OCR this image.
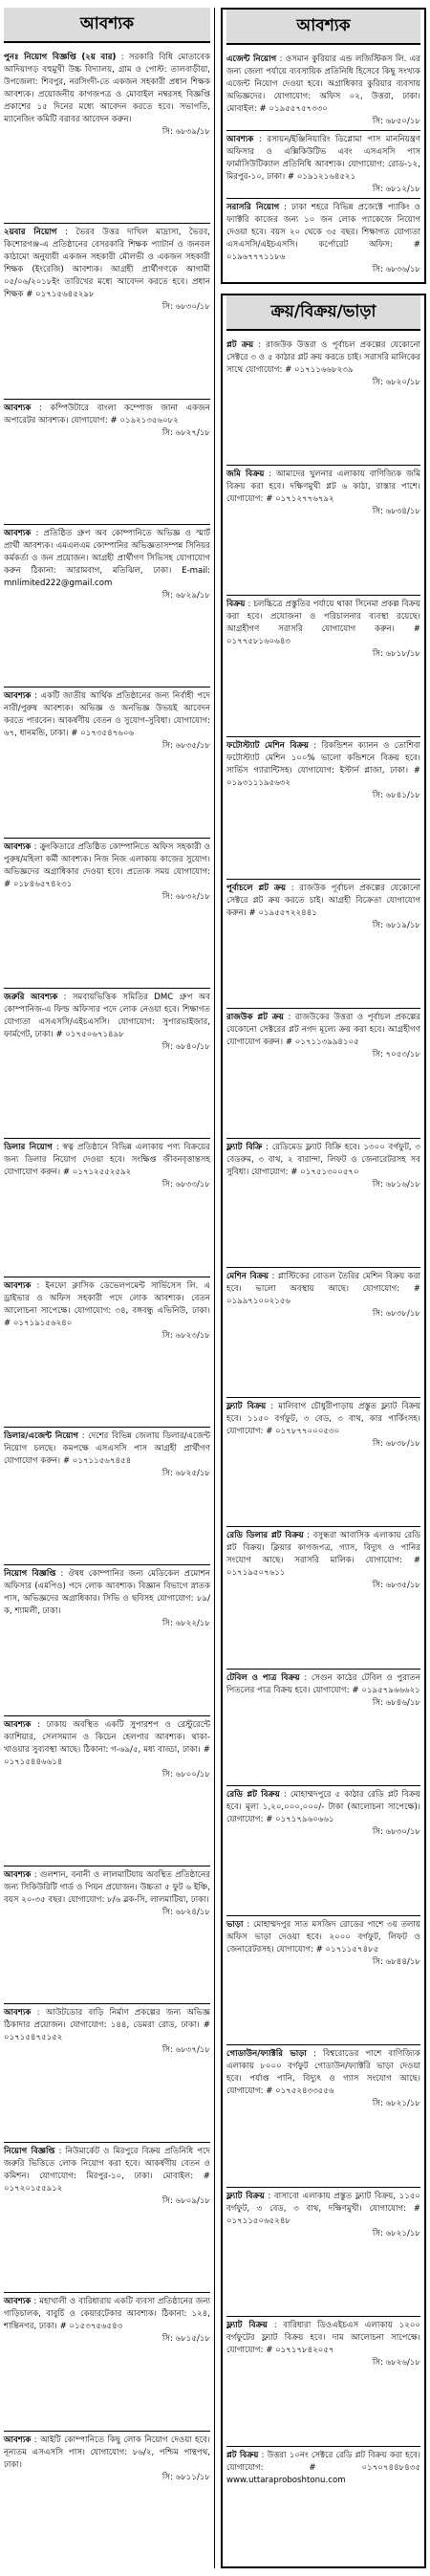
আবশ্যক
পুনঃ নিয়োগ বিজ্ঞপ্তি (২য় বার) : সরকারি বিধি মোতাবেক আদিয়াগড় বহুমুখী উচ্চ বিদ্যালয়, গ্রাম ও পোস্ট: তালবাড়ীয়া, উপজেলা: শিবপুর, নরসিংদী-তে একজন সহকারী প্রধান শিক্ষক আবশ্যক। প্রয়োজনীয় কাগজপত্র ও মোবাইল নম্বরসহ বিজ্ঞপ্তি প্রকাশের ১৫ দিনের মধ্যে আবেদন করতে হবে। সভাপতি, ম্যানেজিং কমিটি বরাবর আবেদন করুন।
সি: ৬৮৩৯/১৮
২য়বার নিয়োগ : ভৈরব উত্তর দাখিল মাদ্রাসা, ভৈরব, কিশোরগঞ্জ-এ প্রতিষ্ঠানের বেসরকারি শিক্ষক প্যাটার্ন ও জনবল কাঠামো অনুযায়ী একজন সহকারী মৌলভী ও একজন সহকারী শিক্ষক (ইংরেজি) আবশ্যক। আগ্রহী প্রার্থীগণকে আগামী ০৫/০৬/২০১৮ইং তারিখের মধ্যে আবেদন করতে হবে। প্রধান শিক্ষক # ০১৭১৫৬৪৫২৯৮
সি: ৬৮৩০/১৮
আবশ্যক : কম্পিউটারে বাংলা কম্পোজ জানা একজন অপারেটর আবশ্যক। যোগাযোগ: # ০১৯২১৩৫৬০৮২
সি: ৬৮২৭/১৮
আবশ্যক : প্রতিষ্ঠিত গ্রুপ অব কোম্পানিতে অভিজ্ঞ ও স্মার্ট প্রার্থী আবশ্যক। এমএলএম কোম্পানির অভিজ্ঞতাসম্পন্ন সিনিয়র কর্মকর্তা ও জন প্রয়োজন। আগ্রহী প্রার্থীগণ সিভিসহ যোগাযোগ করুন ঠিকানা: আরামবাগ, মতিঝিল, ঢাকা। E-mail: mnlimited222@gmail.com
সি: ৬৮২৯/১৮
আবশ্যক : একটি জাতীয় আর্থিক প্রতিষ্ঠানের জন্য নির্বাহী পদে নারী/পুরুষ আবশ্যক। অভিজ্ঞ ও অনভিজ্ঞ উভয়ই আবেদন করতে পারবেন। আকর্ষণীয় বেতন ও সুযোগ-সুবিধা। যোগাযোগ: ৬৭, ধানমন্ডি, ঢাকা। # ০১৭৩৫৪৭৬০৬
সি: ৬৮৩৫/১৮
আবশ্যক : ক্রুংকিতারে প্রতিষ্ঠিত কোম্পানিতে অফিস সহকারী ও পুরুষ/মহিলা কর্মী আবশ্যক। নিজ নিজ এলাকায় কাজের সুযোগ। অভিজ্ঞদের অগ্রাধিকার দেওয়া হবে। প্রত্যেক সময় যোগাযোগ: # ০১৮৪৬৫৭৪২৩১
সি: ৬৮৩২/১৮
জরুরি আবশ্যক : সমবায়ভিত্তিক সমিতির DMC গ্রুপ অব কোম্পানিজ-এ ফিল্ড অফিসার পদে লোক নেওয়া হবে। শিক্ষাগত যোগ্যতা এসএসসি/এইচএসসি। যোগাযোগ: সুপারভাইজার, ফার্মগেট, ঢাকা। # ০১৭৫০৬৭১৪৯৮
সি: ৬৮৪০/১৮
ডিলার নিয়োগ : স্বত্ব প্রতিষ্ঠানে বিভিন্ন এলাকায় পণ্য বিক্রয়ের জন্য ডিলার নিয়োগ দেওয়া হবে। সংক্ষিপ্ত জীবনবৃত্তান্তসহ যোগাযোগ করুন। # ০১৭১২৫৫২৫৯২
সি: ৬৮৩৩/১৮
আবশ্যক : ইনফো ক্লাসিক ডেভেলপমেন্ট সার্ভিসেস লি. এ ড্রাইভার ও অফিস সহকারী পদে লোক আবশ্যক। বেতন আলোচনা সাপেক্ষে। যোগাযোগ: ৩৪, বঙ্গবন্ধু এভিনিউ, ঢাকা। # ০১৭১৯১৫৬২৪০
সি: ৬৮২৩/১৮
ডিলার/এজেন্ট নিয়োগ : দেশের বিভিন্ন জেলায় ডিলার/এজেন্ট নিয়োগ চলছে। কমপক্ষে এসএসসি পাস আগ্রহী প্রার্থীগণ যোগাযোগ করুন। # ০১৭১১৫৬৭৪৫৪
সি: ৬৮২৫/১৮
নিয়োগ বিজ্ঞপ্তি : ঔষধ কোম্পানির জন্য মেডিকেল প্রমোশন অফিসার (এমপিও) পদে লোক আবশ্যক। বিজ্ঞান বিভাগে স্নাতক পাস, অভিজ্ঞদের অগ্রাধিকার। সিভি ও ছবিসহ যোগাযোগ: ৮৯/ক, শ্যামলী, ঢাকা।
সি: ৬৮২২/১৮
আবশ্যক : ঢাকায় অবস্থিত একটি সুপারশপ ও রেস্টুরেন্টে ক্যাশিয়ার, সেলসম্যান ও কিচেন হেলপার আবশ্যক। থাকা-খাওয়ার সুব্যবস্থা আছে। ঠিকানা: গ-৬৯/৫, মধ্য বাড্ডা, ঢাকা। # ০১৭১৫৪৪৬৬১৪
সি: ৬৮০০/১৮
আবশ্যক : গুলশান, বনানী ও লালমাটিয়ায় অবস্থিত প্রতিষ্ঠানের জন্য সিকিউরিটি গার্ড ও পিয়ন প্রয়োজন। উচ্চতা ৫ ফুট ৬ ইঞ্চি, বয়স ২০-৩৫ বছর। যোগাযোগ: ৮/৬ ব্লক-সি, লালমাটিয়া, ঢাকা।
সি: ৬৮২৪/১৮
আবশ্যক : আউটডোর বাড়ি নির্মাণ প্রকল্পের জন্য অভিজ্ঞ ঠিকাদার প্রয়োজন। যোগাযোগ: ১৪৪, ডেমরা রোড, ঢাকা। # ০১৭১৫৪৭৫১৫২
সি: ৬৮৩৭/১৮
নিয়োগ বিজ্ঞপ্তি : নিউমার্কেট ও মিরপুরে বিক্রয় প্রতিনিধি পদে জরুরি ভিত্তিতে লোক নিয়োগ করা হবে। আকর্ষণীয় বেতন ও কমিশন। যোগাযোগ: মিরপুর-১০, ঢাকা। মোবাইল: # ০১৭২০১৫৫৯১২
সি: ৬৮০৯/১৮
আবশ্যক : মহাখালী ও বারিধারায় একটি ব্যবসা প্রতিষ্ঠানের জন্য গাড়িচালক, বাবুর্চি ও কেয়ারটেকার আবশ্যক। ঠিকানা: ১২৪, শান্তিনগর, ঢাকা। # ০১৫৩৭৫৬৫৪৩
সি: ৬৮১৫/১৮
আবশ্যক : আইটি কোম্পানিতে কিছু লোক নিয়োগ দেওয়া হবে। নূন্যতম এসএসসি পাস। যোগাযোগ: ৮৬/২, পশ্চিম পান্থপথ, ঢাকা।
সি: ৬৮১১/১৮
আবশ্যক
এজেন্ট নিয়োগ : ওসমান কুরিয়ার এন্ড লজিস্টিকস লি. এর জন্য জেলা পর্যায়ে ব্যবসায়িক প্রতিনিধি হিসেবে কিছু সংখ্যক এজেন্ট নিয়োগ দেওয়া হবে। অগ্রাধিকার কুরিয়ার ব্যবসায় অভিজ্ঞদের। যোগাযোগ: অফিস ০২, উত্তরা, ঢাকা। মোবাইল: # ০১৯৫৫৭৫৭৩৩০
সি: ৬৮৫০/১৮
আবশ্যক : রসায়ন/ইঞ্জিনিয়ারিং ডিপ্লোমা পাস মাননিয়ন্ত্রণ অফিসার ও এক্সিকিউটিভ এবং এসএসসি পাস ফার্মাসিউটিক্যাল প্রতিনিধি আবশ্যক। যোগাযোগ: রোড-১২, মিরপুর-১০, ঢাকা। # ০১৯১২১৬৪৫২১
সি: ৬৮১২/১৮
সরাসরি নিয়োগ : ঢাকা শহরে বিভিন্ন প্রজেক্টে প্যাকিং ও ফ্যাক্টরি কাজের জন্য ১০ জন লোক প্যাকেজে নিয়োগ দেওয়া হবে। বয়স ২০ থেকে ৩৫ বছর। শিক্ষাগত যোগ্যতা এসএসসি/এইচএসসি। কর্পোরেট অফিস: # ০১৯৬৭৭৭১১৮৬
সি: ৬৮৩৬/১৮
ক্রয়/বিক্রয়/ভাড়া
প্লট ক্রয় : রাজউক উত্তরা ও পূর্বাচল প্রকল্পের যেকোনো সেক্টরে ৩ ও ৫ কাঠার প্লট ক্রয় করতে চাই। সরাসরি মালিকের সাথে যোগাযোগ: # ০১৭১১৬৬৮২৩৯
সি: ৬৮২০/১৮
জমি বিক্রয় : আমাদের খুলনার এলাকায় বাণিজ্যিক জমি বিক্রয় করা হবে। দক্ষিণমুখী প্লট ৬ কাঠা, রাস্তার পাশে। যোগাযোগ: # ০১৭১২৭৭৬৭৯২
সি: ৬৮৩৪/১৮
বিক্রয় : চলচ্চিত্রে প্রস্তুতির পর্যায়ে থাকা সিনেমা প্রকল্প বিক্রয় করা হবে। প্রযোজনা ও পরিচালনার ব্যবস্থা রয়েছে। আগ্রহীগণ সরাসরি যোগাযোগ করুন। # ০১৭৭৫৮১৬০৬৪৩
সি: ৬৮১৮/১৮
ফটোস্ট্যাট মেশিন বিক্রয় : রিকন্ডিশন ক্যানন ও তোশিবা ফটোস্ট্যাট মেশিন ১০০% ভালো কন্ডিশনে বিক্রয় হবে। সার্ভিস গ্যারান্টিসহ। যোগাযোগ: ইস্টার্ন প্লাজা, ঢাকা। # ০১৯৩১১১৯৫৬৩২
সি: ৬৮৪১/১৮
পূর্বাচলে প্লট ক্রয় : রাজউক পূর্বাচল প্রকল্পের যেকোনো সেক্টরে প্লট ক্রয় করতে চাই। আগ্রহী বিক্রেতা যোগাযোগ করুন। # ০১৯৫৫৭২২৪৪১
সি: ৬৮১৯/১৮
রাজউক প্লট ক্রয় : রাজউকের উত্তরা ও পূর্বাচল প্রকল্পের যেকোনো সেক্টরের প্লট নগদ মূল্যে ক্রয় করা হবে। আগ্রহীগণ যোগাযোগ করুন। # ০১৭১১৩৯৯৪১০৫
সি: ৭০৫৩/১৮
ফ্ল্যাট বিক্রি : রেডিমেড ফ্ল্যাট বিক্রি হবে। ১৩০০ বর্গফুট, ৩ বেডরুম, ৩ বাথ, ২ বারান্দা, লিফট ও জেনারেটরসহ সব সুবিধা। যোগাযোগ: # ০১৭৫১৩০০৫৭০
সি: ৬৮১৬/১৮
মেশিন বিক্রয় : প্লাস্টিকের বোতল তৈরির মেশিন বিক্রয় করা হবে। ভালো অবস্থায় আছে। যোগাযোগ: # ০১৯৯৭১০০২১৫৬
সি: ৬৮৩৮/১৮
ফ্ল্যাট বিক্রয় : মালিবাগ চৌধুরীপাড়ায় প্রস্তুত ফ্ল্যাট বিক্রয় হবে। ১১৫০ বর্গফুট, ৩ বেড, ৩ বাথ, কার পার্কিংসহ। যোগাযোগ: # ০১৭৮৭৭০০০৫৩০
সি: ৬৮৩৮/১৮
রেডি ডিলার প্লট বিক্রয় : বসুন্ধরা আবাসিক এলাকায় রেডি প্লট বিক্রয়। ক্লিয়ার কাগজপত্র, গ্যাস, বিদ্যুৎ ও পানির সংযোগ আছে। সরাসরি মালিক। যোগাযোগ: # ০১৭১৯৫০৭৬১১
সি: ৬৮৩৫/১৮
টেবিল ও পাত্র বিক্রয় : সেগুন কাঠের টেবিল ও পুরাতন পিতলের পাত্র বিক্রয় হবে। যোগাযোগ: # ০১৯৫৭৯৬৬৬২১
সি: ৬৮৪৬/১৮
রেডি প্লট বিক্রয় : মোহাম্মদপুরে ৫ কাঠার রেডি প্লট বিক্রয় হবে। মূল্য ১,২০,০০০,০০০/- টাকা (আলোচনা সাপেক্ষে)। যোগাযোগ: # ০১৭১৭৯৬০৬৬১
সি: ৬৮৩০/১৮
ভাড়া : মোহাম্মদপুর সাত মসজিদ রোডের পাশে ৩য় তলায় অফিস ভাড়া দেওয়া হবে। ২০০০ বর্গফুট, লিফট ও জেনারেটরসহ। যোগাযোগ: # ০১৭১১৫৭৪৮৫
সি: ৬৮৪৪/১৮
গোডাউন/ফ্যাক্টরি ভাড়া : বিশ্বরোডের পাশে বাণিজ্যিক এলাকায় ৮০০০ বর্গফুট গোডাউন/ফ্যাক্টরি ভাড়া দেওয়া হবে। পর্যাপ্ত পানি, বিদ্যুৎ ও গ্যাস সংযোগ আছে। যোগাযোগ: # ০১৭৫২৪৩৩৫৫৬
সি: ৬৮২১/১৮
ফ্ল্যাট বিক্রয় : বাসাবো এলাকায় প্রস্তুত ফ্ল্যাট বিক্রয়, ১১৫০ বর্গফুট, ৩ বেড, ৩ বাথ, দক্ষিণমুখী। যোগাযোগ: # ০১৭১১৫০৬৫২৪৮
সি: ৬৮২১/১৮
ফ্ল্যাট বিক্রয় : বারিধারা ডিওএইচএস এলাকায় ১২০০ বর্গফুটের ফ্ল্যাট বিক্রয় হবে। দাম আলোচনা সাপেক্ষে। যোগাযোগ: # ০১৭১৭৮৪২০৫৭
সি: ৬৮২৬/১৮
প্লট বিক্রয় : উত্তরা ১০নং সেক্টরে রেডি প্লট বিক্রয় করা হবে। যোগাযোগ: # ০১৭০৭৪৪৮৪৩৫ www.uttaraproboshtonu.com
